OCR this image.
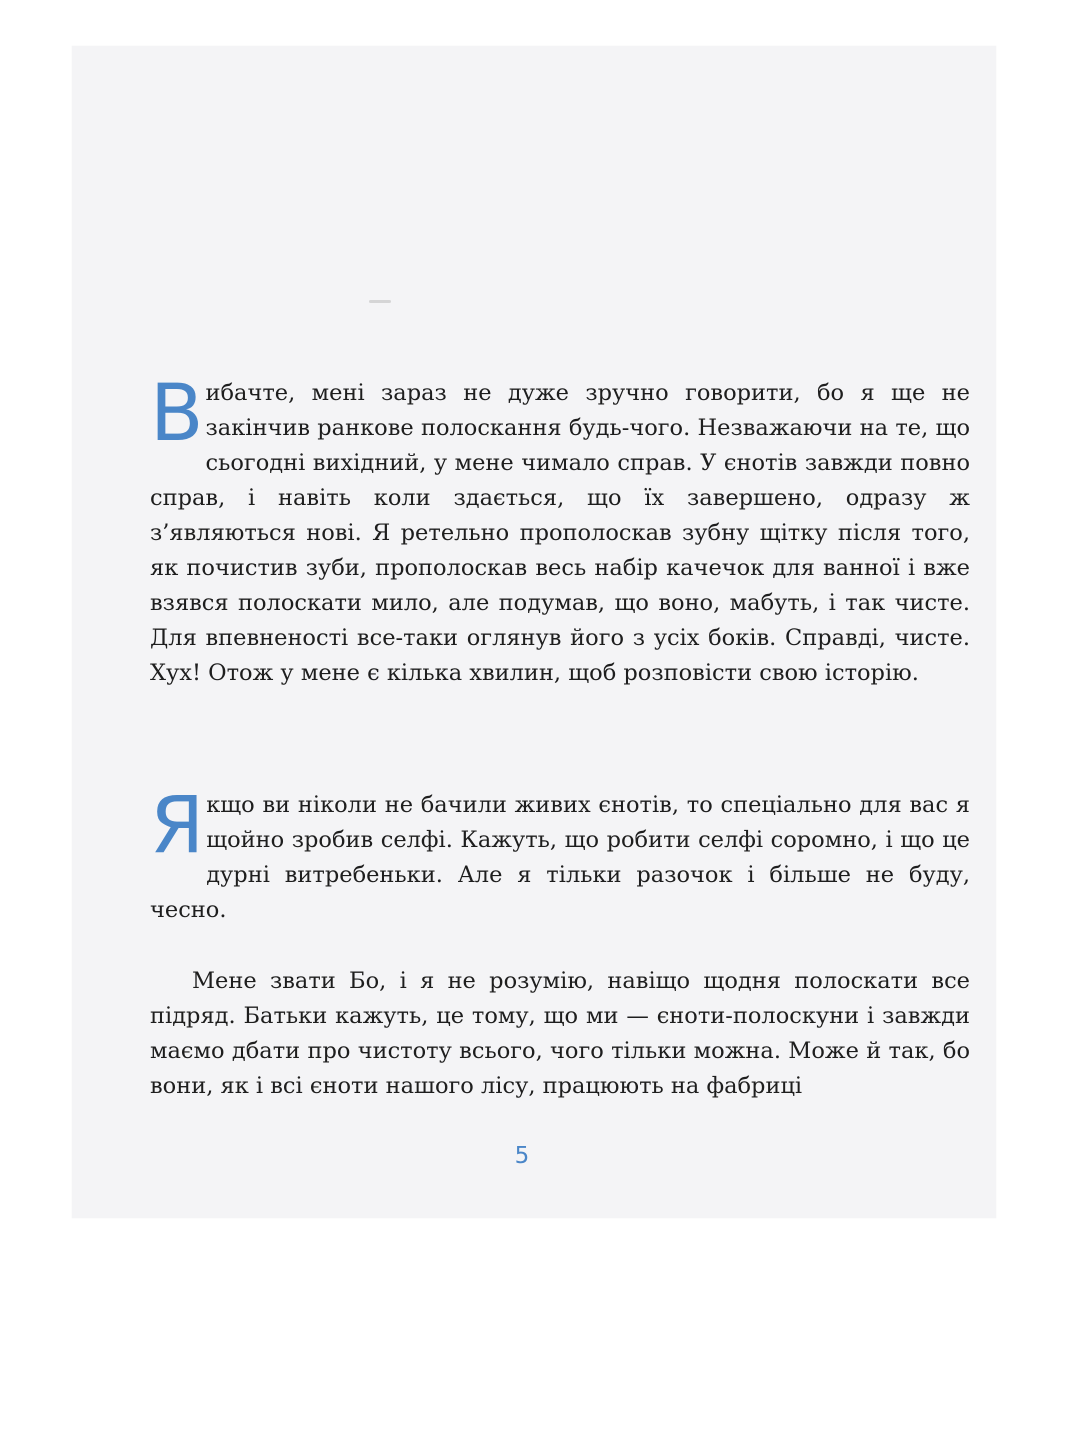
Вибачте, мені зараз не дуже зручно говорити, бо я ще не закінчив ранкове полоскання будь-чого. Незважаючи на те, що сьогодні вихідний, у мене чимало справ. У єнотів завжди повно справ, і навіть коли здається, що їх завершено, одразу ж з’являються нові. Я ретельно прополоскав зубну щітку після того, як почистив зуби, прополоскав весь набір качечок для ванної і вже взявся полоскати мило, але подумав, що воно, мабуть, і так чисте. Для впевненості все-таки оглянув його з усіх боків. Справді, чисте. Хух! Отож у мене є кілька хвилин, щоб розповісти свою історію.

Якщо ви ніколи не бачили живих єнотів, то спеціально для вас я щойно зробив селфі. Кажуть, що робити селфі соромно, і що це дурні витребеньки. Але я тільки разочок і більше не буду, чесно.

Мене звати Бо, і я не розумію, навіщо щодня полоскати все підряд. Батьки кажуть, це тому, що ми — єноти-полоскуни і завжди маємо дбати про чистоту всього, чого тільки можна. Може й так, бо вони, як і всі єноти нашого лісу, працюють на фабриці

5
